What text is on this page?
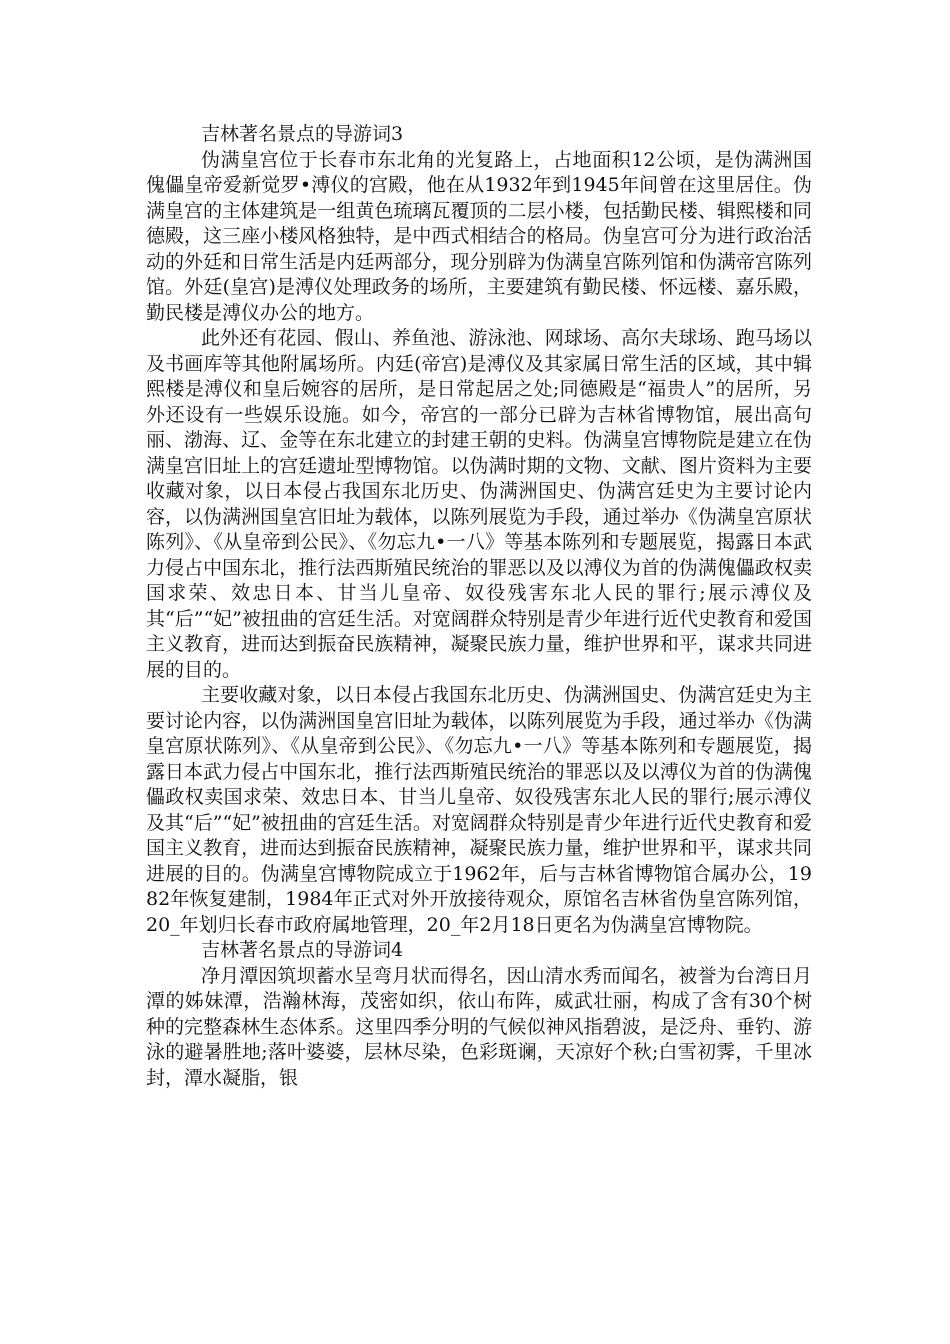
吉林著名景点的导游词3

伪满皇宫位于长春市东北角的光复路上，占地面积12公顷，是伪满洲国傀儡皇帝爱新觉罗•溥仪的宫殿，他在从1932年到1945年间曾在这里居住。伪满皇宫的主体建筑是一组黄色琉璃瓦覆顶的二层小楼，包括勤民楼、辑熙楼和同德殿，这三座小楼风格独特，是中西式相结合的格局。伪皇宫可分为进行政治活动的外廷和日常生活是内廷两部分，现分别辟为伪满皇宫陈列馆和伪满帝宫陈列馆。外廷(皇宫)是溥仪处理政务的场所，主要建筑有勤民楼、怀远楼、嘉乐殿，勤民楼是溥仪办公的地方。

此外还有花园、假山、养鱼池、游泳池、网球场、高尔夫球场、跑马场以及书画库等其他附属场所。内廷(帝宫)是溥仪及其家属日常生活的区域，其中辑熙楼是溥仪和皇后婉容的居所，是日常起居之处;同德殿是“福贵人”的居所，另外还设有一些娱乐设施。如今，帝宫的一部分已辟为吉林省博物馆，展出高句丽、渤海、辽、金等在东北建立的封建王朝的史料。伪满皇宫博物院是建立在伪满皇宫旧址上的宫廷遗址型博物馆。以伪满时期的文物、文献、图片资料为主要收藏对象，以日本侵占我国东北历史、伪满洲国史、伪满宫廷史为主要讨论内容，以伪满洲国皇宫旧址为载体，以陈列展览为手段，通过举办《伪满皇宫原状陈列》、《从皇帝到公民》、《勿忘九•一八》等基本陈列和专题展览，揭露日本武力侵占中国东北，推行法西斯殖民统治的罪恶以及以溥仪为首的伪满傀儡政权卖国求荣、效忠日本、甘当儿皇帝、奴役残害东北人民的罪行;展示溥仪及其“后”“妃”被扭曲的宫廷生活。对宽阔群众特别是青少年进行近代史教育和爱国主义教育，进而达到振奋民族精神，凝聚民族力量，维护世界和平，谋求共同进展的目的。

主要收藏对象，以日本侵占我国东北历史、伪满洲国史、伪满宫廷史为主要讨论内容，以伪满洲国皇宫旧址为载体，以陈列展览为手段，通过举办《伪满皇宫原状陈列》、《从皇帝到公民》、《勿忘九•一八》等基本陈列和专题展览，揭露日本武力侵占中国东北，推行法西斯殖民统治的罪恶以及以溥仪为首的伪满傀儡政权卖国求荣、效忠日本、甘当儿皇帝、奴役残害东北人民的罪行;展示溥仪及其“后”“妃”被扭曲的宫廷生活。对宽阔群众特别是青少年进行近代史教育和爱国主义教育，进而达到振奋民族精神，凝聚民族力量，维护世界和平，谋求共同进展的目的。伪满皇宫博物院成立于1962年，后与吉林省博物馆合属办公，1982年恢复建制，1984年正式对外开放接待观众，原馆名吉林省伪皇宫陈列馆，20_年划归长春市政府属地管理，20_年2月18日更名为伪满皇宫博物院。

吉林著名景点的导游词4

净月潭因筑坝蓄水呈弯月状而得名，因山清水秀而闻名，被誉为台湾日月潭的姊妹潭，浩瀚林海，茂密如织，依山布阵，威武壮丽，构成了含有30个树种的完整森林生态体系。这里四季分明的气候似神风指碧波，是泛舟、垂钓、游泳的避暑胜地;落叶婆婆，层林尽染，色彩斑谰，天凉好个秋;白雪初霁，千里冰封，潭水凝脂，银
